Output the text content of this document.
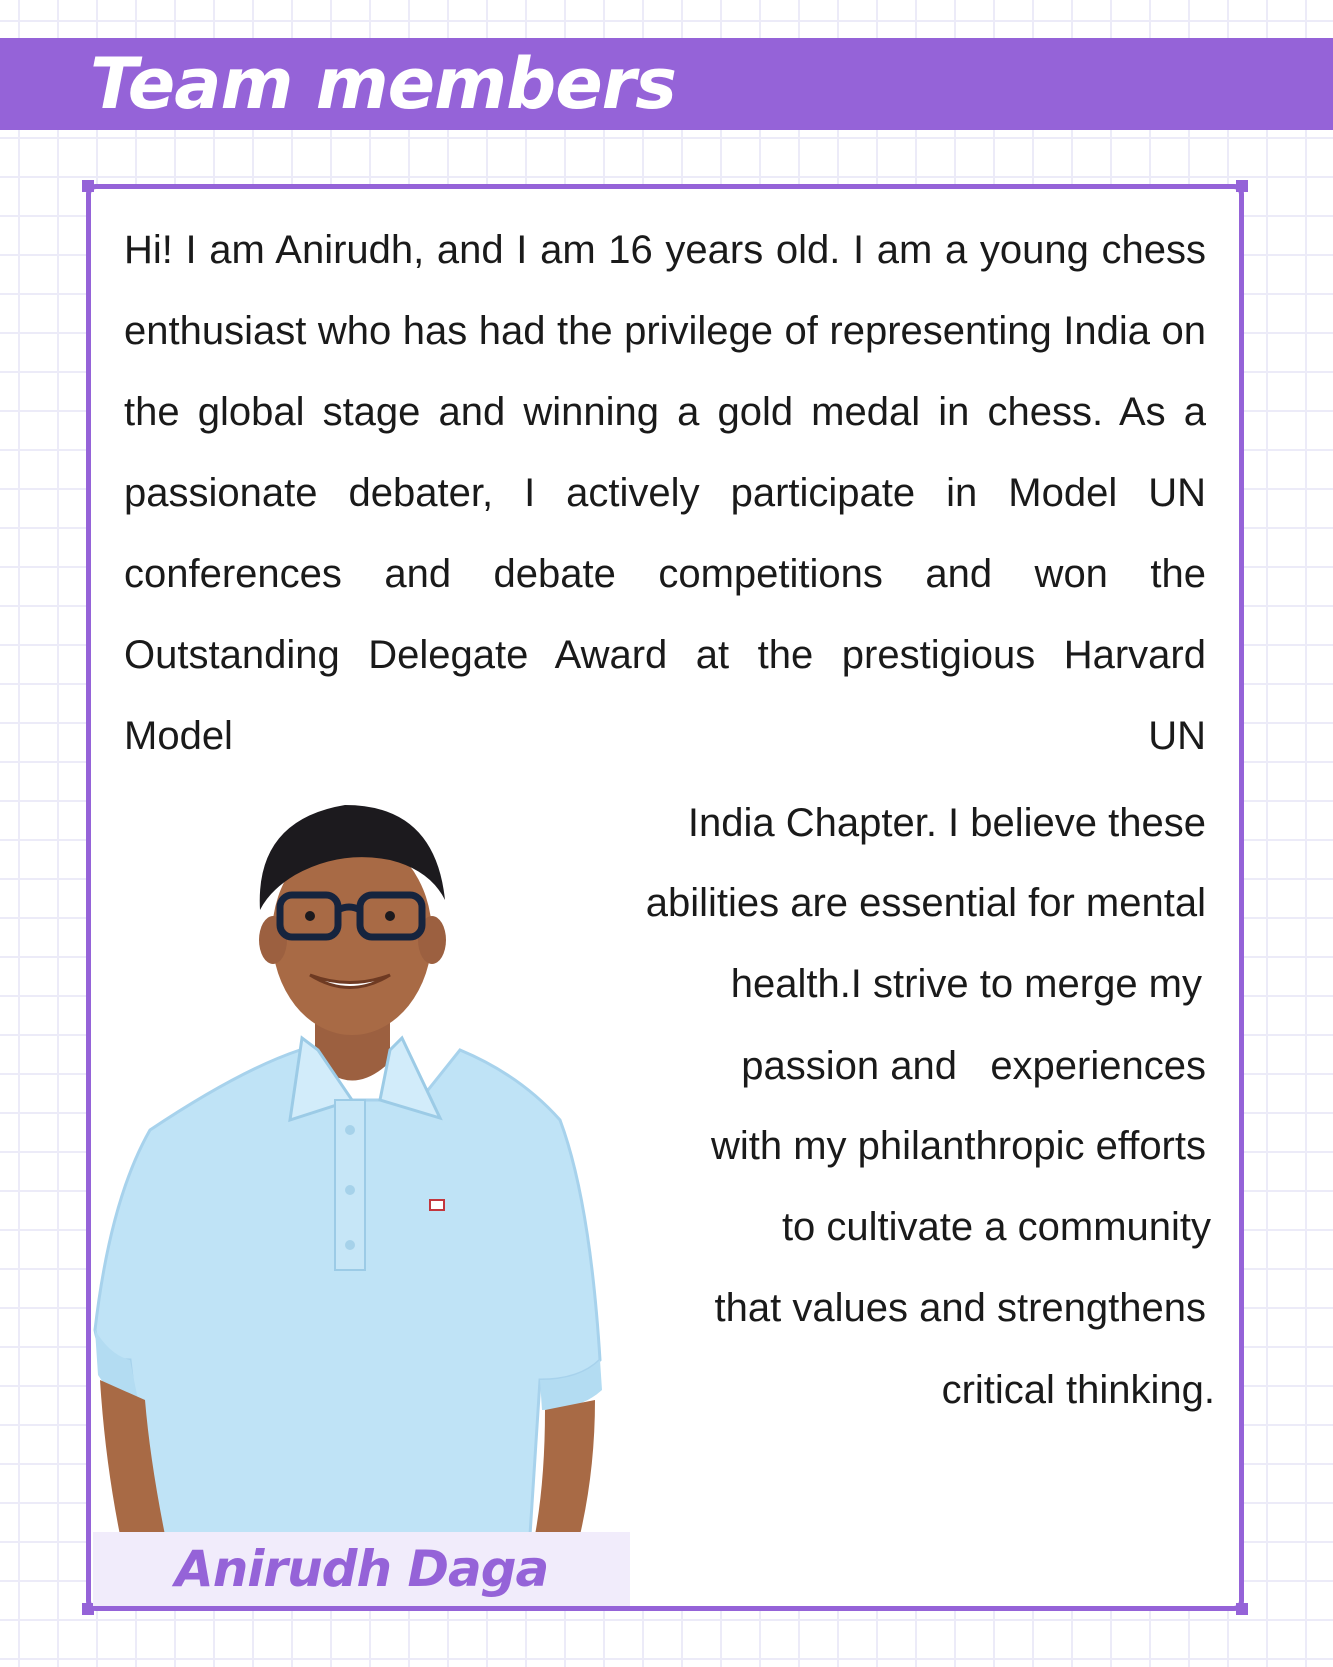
Team members

Hi! I am Anirudh, and I am 16 years old. I am a young chess enthusiast who has had the privilege of representing India on the global stage and winning a gold medal in chess. As a passionate debater, I actively participate in Model UN conferences and debate competitions and won the Outstanding Delegate Award at the prestigious Harvard Model UN

India Chapter. I believe these

abilities are essential for mental

health.I strive to merge my

passion and   experiences

with my philanthropic efforts

to cultivate a community

that values and strengthens

critical thinking.

Anirudh Daga
